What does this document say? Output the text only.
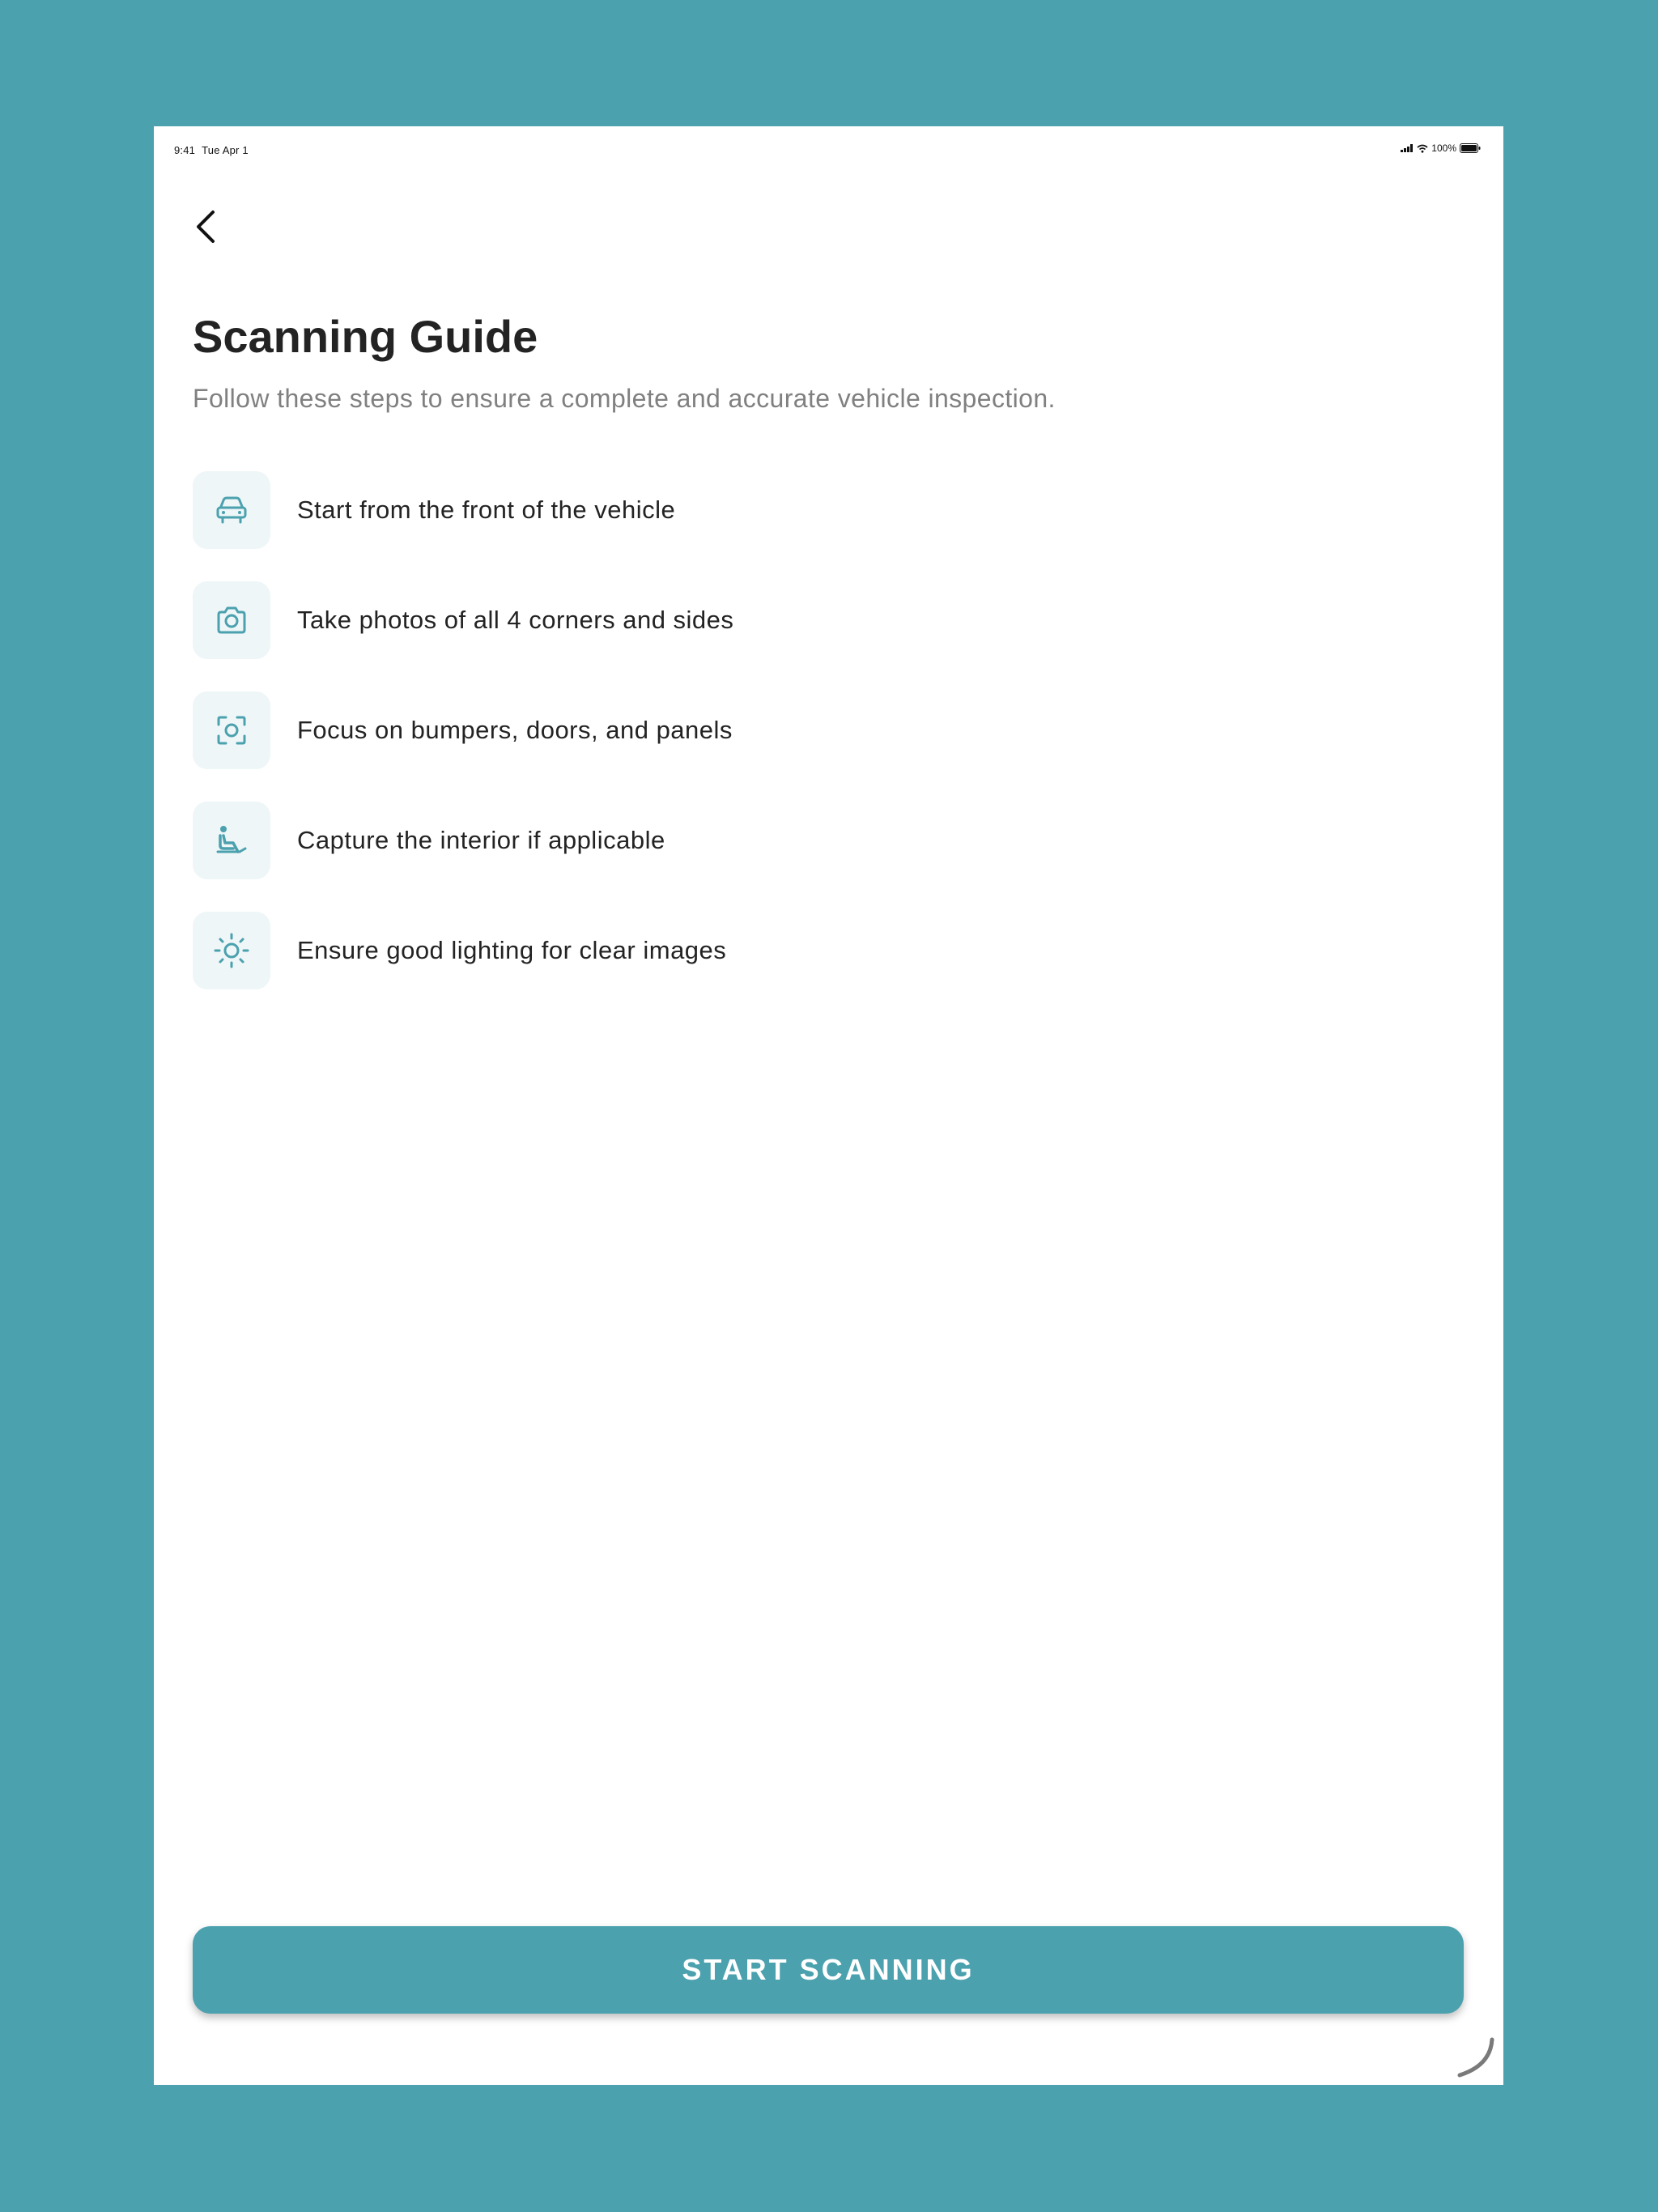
9:41 Tue Apr 1	100%
Scanning Guide

Follow these steps to ensure a complete and accurate vehicle inspection.

Start from the front of the vehicle
Take photos of all 4 corners and sides
Focus on bumpers, doors, and panels
Capture the interior if applicable
Ensure good lighting for clear images
START SCANNING
